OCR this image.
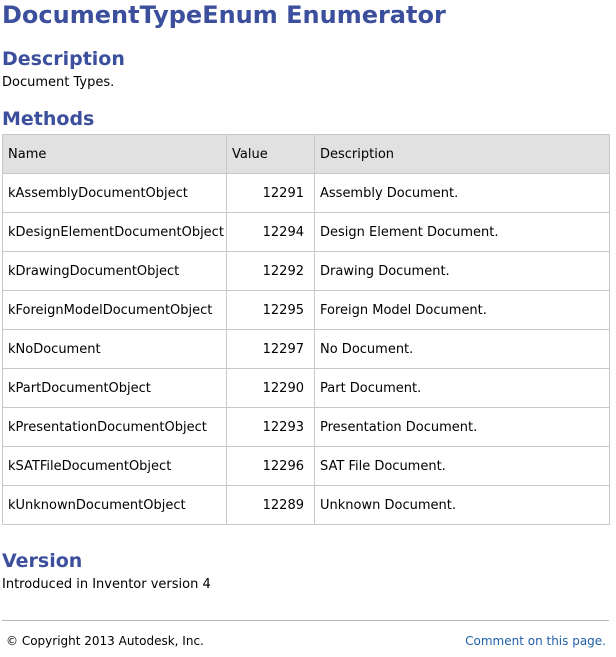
DocumentTypeEnum Enumerator
Description

Document Types.

Methods
Name	Value	Description
kAssemblyDocumentObject	12291	Assembly Document.
kDesignElementDocumentObject	12294	Design Element Document.
kDrawingDocumentObject	12292	Drawing Document.
kForeignModelDocumentObject	12295	Foreign Model Document.
kNoDocument	12297	No Document.
kPartDocumentObject	12290	Part Document.
kPresentationDocumentObject	12293	Presentation Document.
kSATFileDocumentObject	12296	SAT File Document.
kUnknownDocumentObject	12289	Unknown Document.
Version

Introduced in Inventor version 4

© Copyright 2013 Autodesk, Inc.	Comment on this page.
